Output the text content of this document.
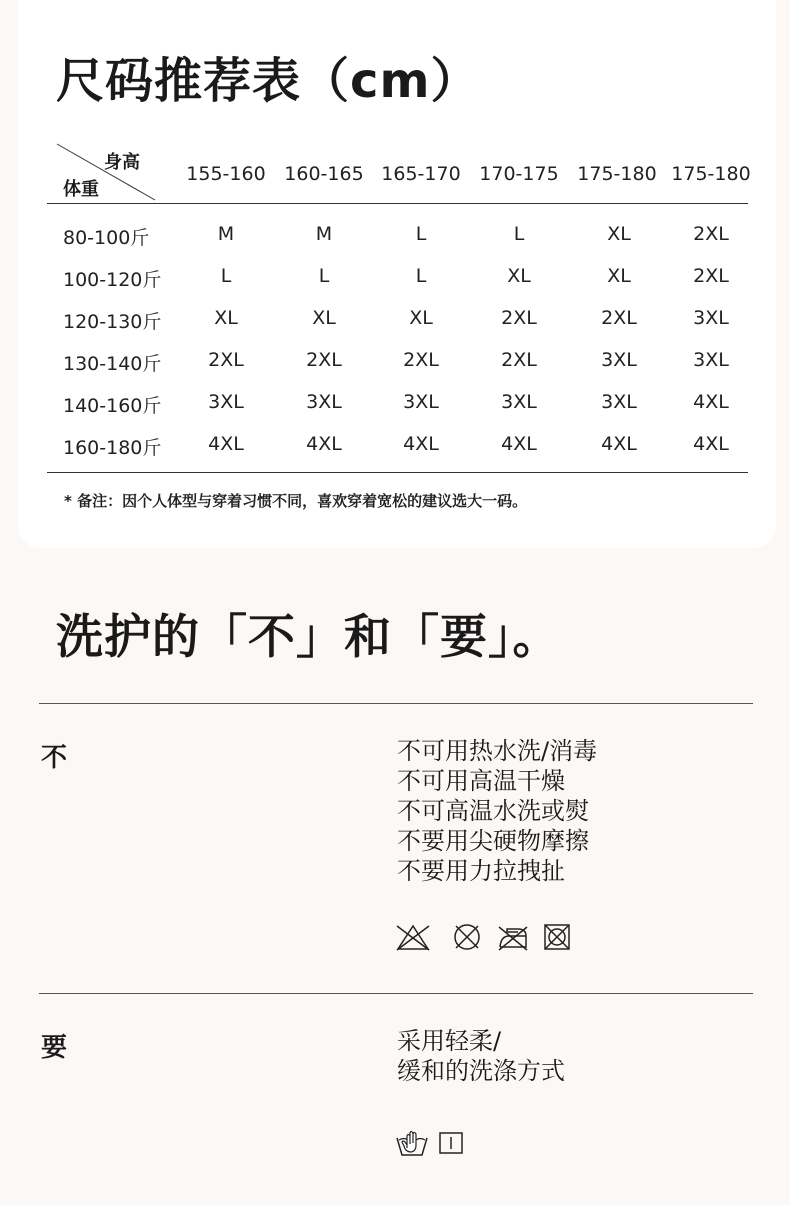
尺码推荐表（cm）
身高
体重
155-160 160-165 165-170 170-175 175-180 175-180
80-100斤	M	M	L	L	XL	2XL
100-120斤	L	L	L	XL	XL	2XL
120-130斤	XL	XL	XL	2XL	2XL	3XL
130-140斤	2XL	2XL	2XL	2XL	3XL	3XL
140-160斤	3XL	3XL	3XL	3XL	3XL	4XL
160-180斤	4XL	4XL	4XL	4XL	4XL	4XL
* 备注：因个人体型与穿着习惯不同，喜欢穿着宽松的建议选大一码。
洗护的「不」和「要」。
不	不可用热水洗/消毒
不可用高温干燥
不可高温水洗或熨
不要用尖硬物摩擦
不要用力拉拽扯
要	采用轻柔/
缓和的洗涤方式
